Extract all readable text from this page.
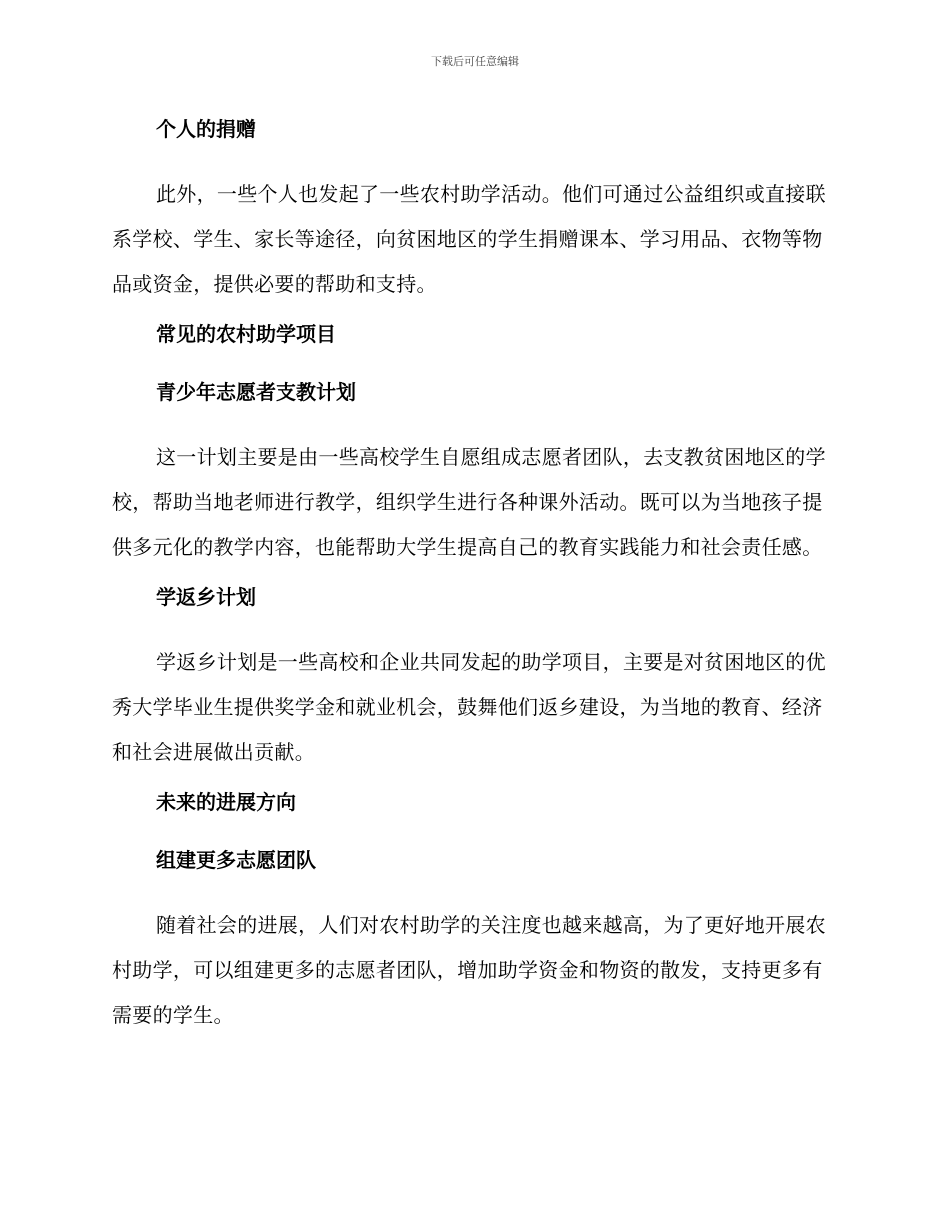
下载后可任意编辑
个人的捐赠

此外，一些个人也发起了一些农村助学活动。他们可通过公益组织或直接联系学校、学生、家长等途径，向贫困地区的学生捐赠课本、学习用品、衣物等物品或资金，提供必要的帮助和支持。

常见的农村助学项目
青少年志愿者支教计划

这一计划主要是由一些高校学生自愿组成志愿者团队，去支教贫困地区的学校，帮助当地老师进行教学，组织学生进行各种课外活动。既可以为当地孩子提供多元化的教学内容，也能帮助大学生提高自己的教育实践能力和社会责任感。

学返乡计划

学返乡计划是一些高校和企业共同发起的助学项目，主要是对贫困地区的优秀大学毕业生提供奖学金和就业机会，鼓舞他们返乡建设，为当地的教育、经济和社会进展做出贡献。

未来的进展方向
组建更多志愿团队

随着社会的进展，人们对农村助学的关注度也越来越高，为了更好地开展农村助学，可以组建更多的志愿者团队，增加助学资金和物资的散发，支持更多有需要的学生。
